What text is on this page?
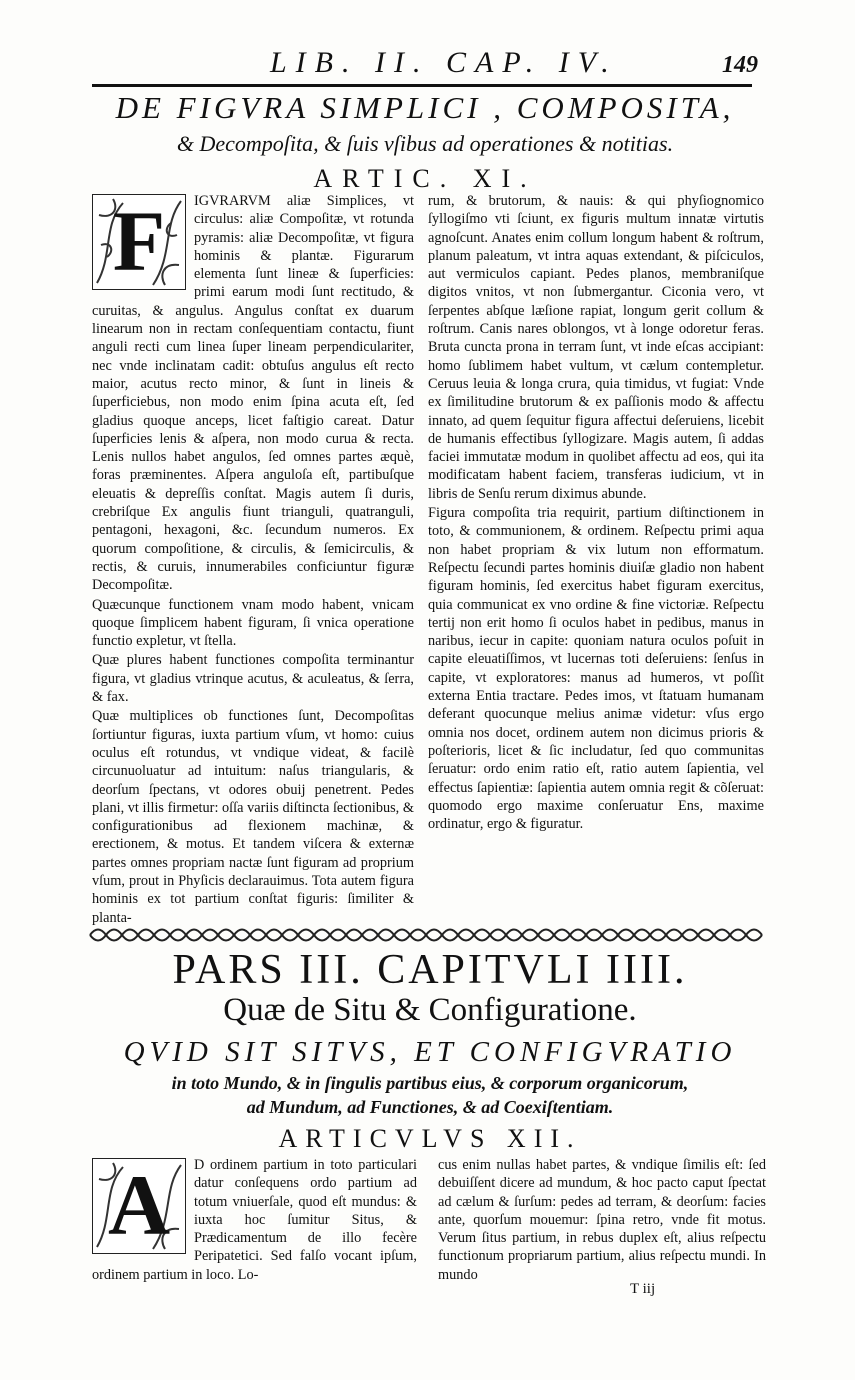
LIB. II. CAP. IV.	149
DE FIGVRA SIMPLICI , COMPOSITA,
& Decompoſita, & ſuis vſibus ad operationes & notitias.
ARTIC. XI.
F	IGVRARVM aliæ Simplices, vt circulus: aliæ Compoſitæ, vt rotunda pyramis: aliæ Decompoſitæ, vt figura hominis & plantæ. Figurarum elementa ſunt lineæ & ſuperficies: primi earum modi ſunt rectitudo, & curuitas, & angulus. Angulus conſtat ex duarum linearum non in rectam conſequentiam contactu, fiunt anguli recti cum linea ſuper lineam perpendiculariter, nec vnde inclinatam cadit: obtuſus angulus eſt recto maior, acutus recto minor, & ſunt in lineis & ſuperficiebus, non modo enim ſpina acuta eſt, ſed gladius quoque anceps, licet faſtigio careat. Datur ſuperficies lenis & aſpera, non modo curua & recta. Lenis nullos habet angulos, ſed omnes partes æquè, foras præminentes. Aſpera anguloſa eſt, partibuſque eleuatis & depreſſis conſtat. Magis autem ſi duris, crebriſque Ex angulis fiunt trianguli, quatranguli, pentagoni, hexagoni, &c. ſecundum numeros. Ex quorum compoſitione, & circulis, & ſemicirculis, & rectis, & curuis, innumerabiles conficiuntur figuræ Decompoſitæ.

Quæcunque functionem vnam modo habent, vnicam quoque ſimplicem habent figuram, ſi vnica operatione functio expletur, vt ſtella.

Quæ plures habent functiones compoſita terminantur figura, vt gladius vtrinque acutus, & aculeatus, & ſerra, & fax.

Quæ multiplices ob functiones ſunt, Decompoſitas ſortiuntur figuras, iuxta partium vſum, vt homo: cuius oculus eſt rotundus, vt vndique videat, & facilè circunuoluatur ad intuitum: naſus triangularis, & deorſum ſpectans, vt odores obuij penetrent. Pedes plani, vt illis firmetur: oſſa variis diſtincta ſectionibus, & configurationibus ad flexionem machinæ, & erectionem, & motus. Et tandem viſcera & externæ partes omnes propriam nactæ ſunt figuram ad proprium vſum, prout in Phyſicis declarauimus. Tota autem figura hominis ex tot partium conſtat figuris: ſimiliter & planta-

rum, & brutorum, & nauis: & qui phyſiognomico ſyllogiſmo vti ſciunt, ex figuris multum innatæ virtutis agnoſcunt. Anates enim collum longum habent & roſtrum, planum paleatum, vt intra aquas extendant, & piſciculos, aut vermiculos capiant. Pedes planos, membraniſque digitos vnitos, vt non ſubmergantur. Ciconia vero, vt ſerpentes abſque læſione rapiat, longum gerit collum & roſtrum. Canis nares oblongos, vt à longe odoretur feras. Bruta cuncta prona in terram ſunt, vt inde eſcas accipiant: homo ſublimem habet vultum, vt cælum contempletur. Ceruus leuia & longa crura, quia timidus, vt fugiat: Vnde ex ſimilitudine brutorum & ex paſſionis modo & affectu innato, ad quem ſequitur figura affectui deſeruiens, licebit de humanis effectibus ſyllogizare. Magis autem, ſi addas faciei immutatæ modum in quolibet affectu ad eos, qui ita modificatam habent faciem, transferas iudicium, vt in libris de Senſu rerum diximus abunde.

Figura compoſita tria requirit, partium diſtinctionem in toto, & communionem, & ordinem. Reſpectu primi aqua non habet propriam & vix lutum non efformatum. Reſpectu ſecundi partes hominis diuiſæ gladio non habent figuram hominis, ſed exercitus habet figuram exercitus, quia communicat ex vno ordine & fine victoriæ. Reſpectu tertij non erit homo ſi oculos habet in pedibus, manus in naribus, iecur in capite: quoniam natura oculos poſuit in capite eleuatiſſimos, vt lucernas toti deſeruiens: ſenſus in capite, vt exploratores: manus ad humeros, vt poſſit externa Entia tractare. Pedes imos, vt ſtatuam humanam deferant quocunque melius animæ videtur: vſus ergo omnia nos docet, ordinem autem non dicimus prioris & poſterioris, licet & ſic includatur, ſed quo communitas ſeruatur: ordo enim ratio eſt, ratio autem ſapientia, vel effectus ſapientiæ: ſapientia autem omnia regit & cõſeruat: quomodo ergo maxime conſeruatur Ens, maxime ordinatur, ergo & figuratur.

PARS III. CAPITVLI IIII.
Quæ de Situ & Configuratione.
QVID SIT SITVS, ET CONFIGVRATIO
in toto Mundo, & in ſingulis partibus eius, & corporum organicorum,
ad Mundum, ad Functiones, & ad Coexiſtentiam.
ARTICVLVS XII.
A	D ordinem partium in toto particulari datur conſequens ordo partium ad totum vniuerſale, quod eſt mundus: & iuxta hoc ſumitur Situs, & Prædicamentum de illo fecère Peripatetici. Sed falſo vocant ipſum, ordinem partium in loco. Lo-

cus enim nullas habet partes, & vndique ſimilis eſt: ſed debuiſſent dicere ad mundum, & hoc pacto caput ſpectat ad cælum & ſurſum: pedes ad terram, & deorſum: facies ante, quorſum mouemur: ſpina retro, vnde fit motus. Verum ſitus partium, in rebus duplex eſt, alius reſpectu functionum propriarum partium, alius reſpectu mundi. In mundo

T iij
